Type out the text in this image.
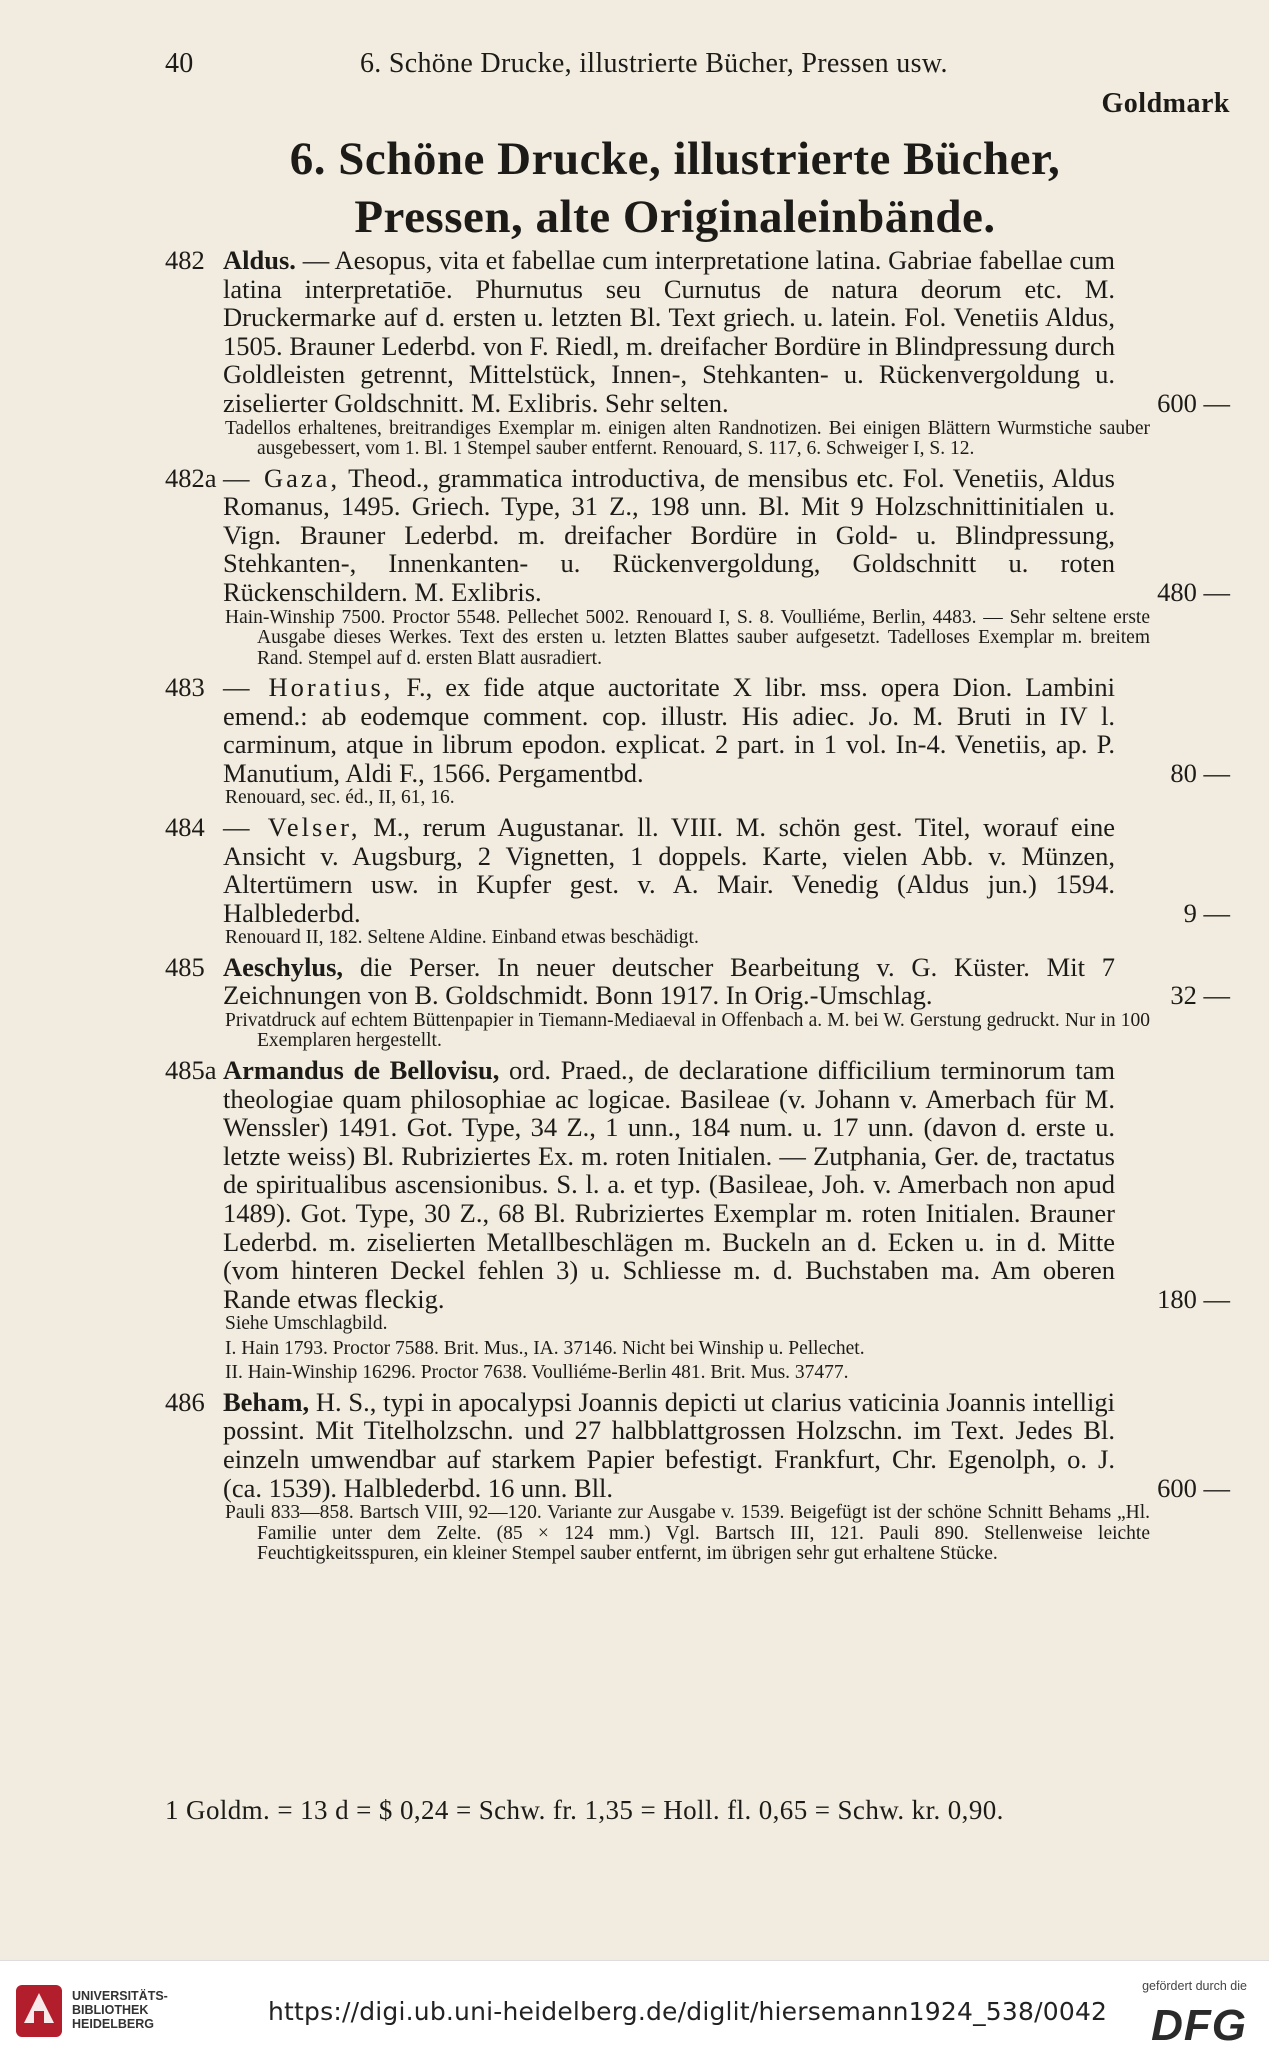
40	6. Schöne Drucke, illustrierte Bücher, Pressen usw.
Goldmark
6. Schöne Drucke, illustrierte Bücher,
Pressen, alte Originaleinbände.
482 Aldus. — Aesopus, vita et fabellae cum interpretatione latina. Gabriae fabellae cum latina interpretatiōe. Phurnutus seu Curnutus de natura deorum etc. M. Druckermarke auf d. ersten u. letzten Bl. Text griech. u. latein. Fol. Venetiis Aldus, 1505. Brauner Lederbd. von F. Riedl, m. dreifacher Bordüre in Blindpressung durch Goldleisten getrennt, Mittelstück, Innen-, Stehkanten- u. Rückenvergoldung u. ziselierter Goldschnitt. M. Exlibris. Sehr selten.	600 —
Tadellos erhaltenes, breitrandiges Exemplar m. einigen alten Randnotizen. Bei einigen Blättern Wurmstiche sauber ausgebessert, vom 1. Bl. 1 Stempel sauber entfernt. Renouard, S. 117, 6. Schweiger I, S. 12.
482a — Gaza, Theod., grammatica introductiva, de mensibus etc. Fol. Venetiis, Aldus Romanus, 1495. Griech. Type, 31 Z., 198 unn. Bl. Mit 9 Holzschnittinitialen u. Vign. Brauner Lederbd. m. dreifacher Bordüre in Gold- u. Blindpressung, Stehkanten-, Innenkanten- u. Rückenvergoldung, Goldschnitt u. roten Rückenschildern. M. Exlibris.	480 —
Hain-Winship 7500. Proctor 5548. Pellechet 5002. Renouard I, S. 8. Voulliéme, Berlin, 4483. — Sehr seltene erste Ausgabe dieses Werkes. Text des ersten u. letzten Blattes sauber aufgesetzt. Tadelloses Exemplar m. breitem Rand. Stempel auf d. ersten Blatt ausradiert.
483 — Horatius, F., ex fide atque auctoritate X libr. mss. opera Dion. Lambini emend.: ab eodemque comment. cop. illustr. His adiec. Jo. M. Bruti in IV l. carminum, atque in librum epodon. explicat. 2 part. in 1 vol. In-4. Venetiis, ap. P. Manutium, Aldi F., 1566. Pergamentbd.	80 —
Renouard, sec. éd., II, 61, 16.
484 — Velser, M., rerum Augustanar. ll. VIII. M. schön gest. Titel, worauf eine Ansicht v. Augsburg, 2 Vignetten, 1 doppels. Karte, vielen Abb. v. Münzen, Altertümern usw. in Kupfer gest. v. A. Mair. Venedig (Aldus jun.) 1594. Halblederbd.	9 —
Renouard II, 182. Seltene Aldine. Einband etwas beschädigt.
485 Aeschylus, die Perser. In neuer deutscher Bearbeitung v. G. Küster. Mit 7 Zeichnungen von B. Goldschmidt. Bonn 1917. In Orig.-Umschlag.	32 —
Privatdruck auf echtem Büttenpapier in Tiemann-Mediaeval in Offenbach a. M. bei W. Gerstung gedruckt. Nur in 100 Exemplaren hergestellt.
485a Armandus de Bellovisu, ord. Praed., de declaratione difficilium terminorum tam theologiae quam philosophiae ac logicae. Basileae (v. Johann v. Amerbach für M. Wenssler) 1491. Got. Type, 34 Z., 1 unn., 184 num. u. 17 unn. (davon d. erste u. letzte weiss) Bl. Rubriziertes Ex. m. roten Initialen. — Zutphania, Ger. de, tractatus de spiritualibus ascensionibus. S. l. a. et typ. (Basileae, Joh. v. Amerbach non apud 1489). Got. Type, 30 Z., 68 Bl. Rubriziertes Exemplar m. roten Initialen. Brauner Lederbd. m. ziselierten Metallbeschlägen m. Buckeln an d. Ecken u. in d. Mitte (vom hinteren Deckel fehlen 3) u. Schliesse m. d. Buchstaben ma. Am oberen Rande etwas fleckig.	180 —
Siehe Umschlagbild.
I. Hain 1793. Proctor 7588. Brit. Mus., IA. 37146. Nicht bei Winship u. Pellechet.
II. Hain-Winship 16296. Proctor 7638. Voulliéme-Berlin 481. Brit. Mus. 37477.
486 Beham, H. S., typi in apocalypsi Joannis depicti ut clarius vaticinia Joannis intelligi possint. Mit Titelholzschn. und 27 halbblattgrossen Holzschn. im Text. Jedes Bl. einzeln umwendbar auf starkem Papier befestigt. Frankfurt, Chr. Egenolph, o. J. (ca. 1539). Halblederbd. 16 unn. Bll.	600 —
Pauli 833—858. Bartsch VIII, 92—120. Variante zur Ausgabe v. 1539. Beigefügt ist der schöne Schnitt Behams „Hl. Familie unter dem Zelte. (85 × 124 mm.) Vgl. Bartsch III, 121. Pauli 890. Stellenweise leichte Feuchtigkeitsspuren, ein kleiner Stempel sauber entfernt, im übrigen sehr gut erhaltene Stücke.
1 Goldm. = 13 d = $ 0,24 = Schw. fr. 1,35 = Holl. fl. 0,65 = Schw. kr. 0,90.
UNIVERSITÄTS-
BIBLIOTHEK
HEIDELBERG	https://digi.ub.uni-heidelberg.de/diglit/hiersemann1924_538/0042
gefördert durch die
DFG
